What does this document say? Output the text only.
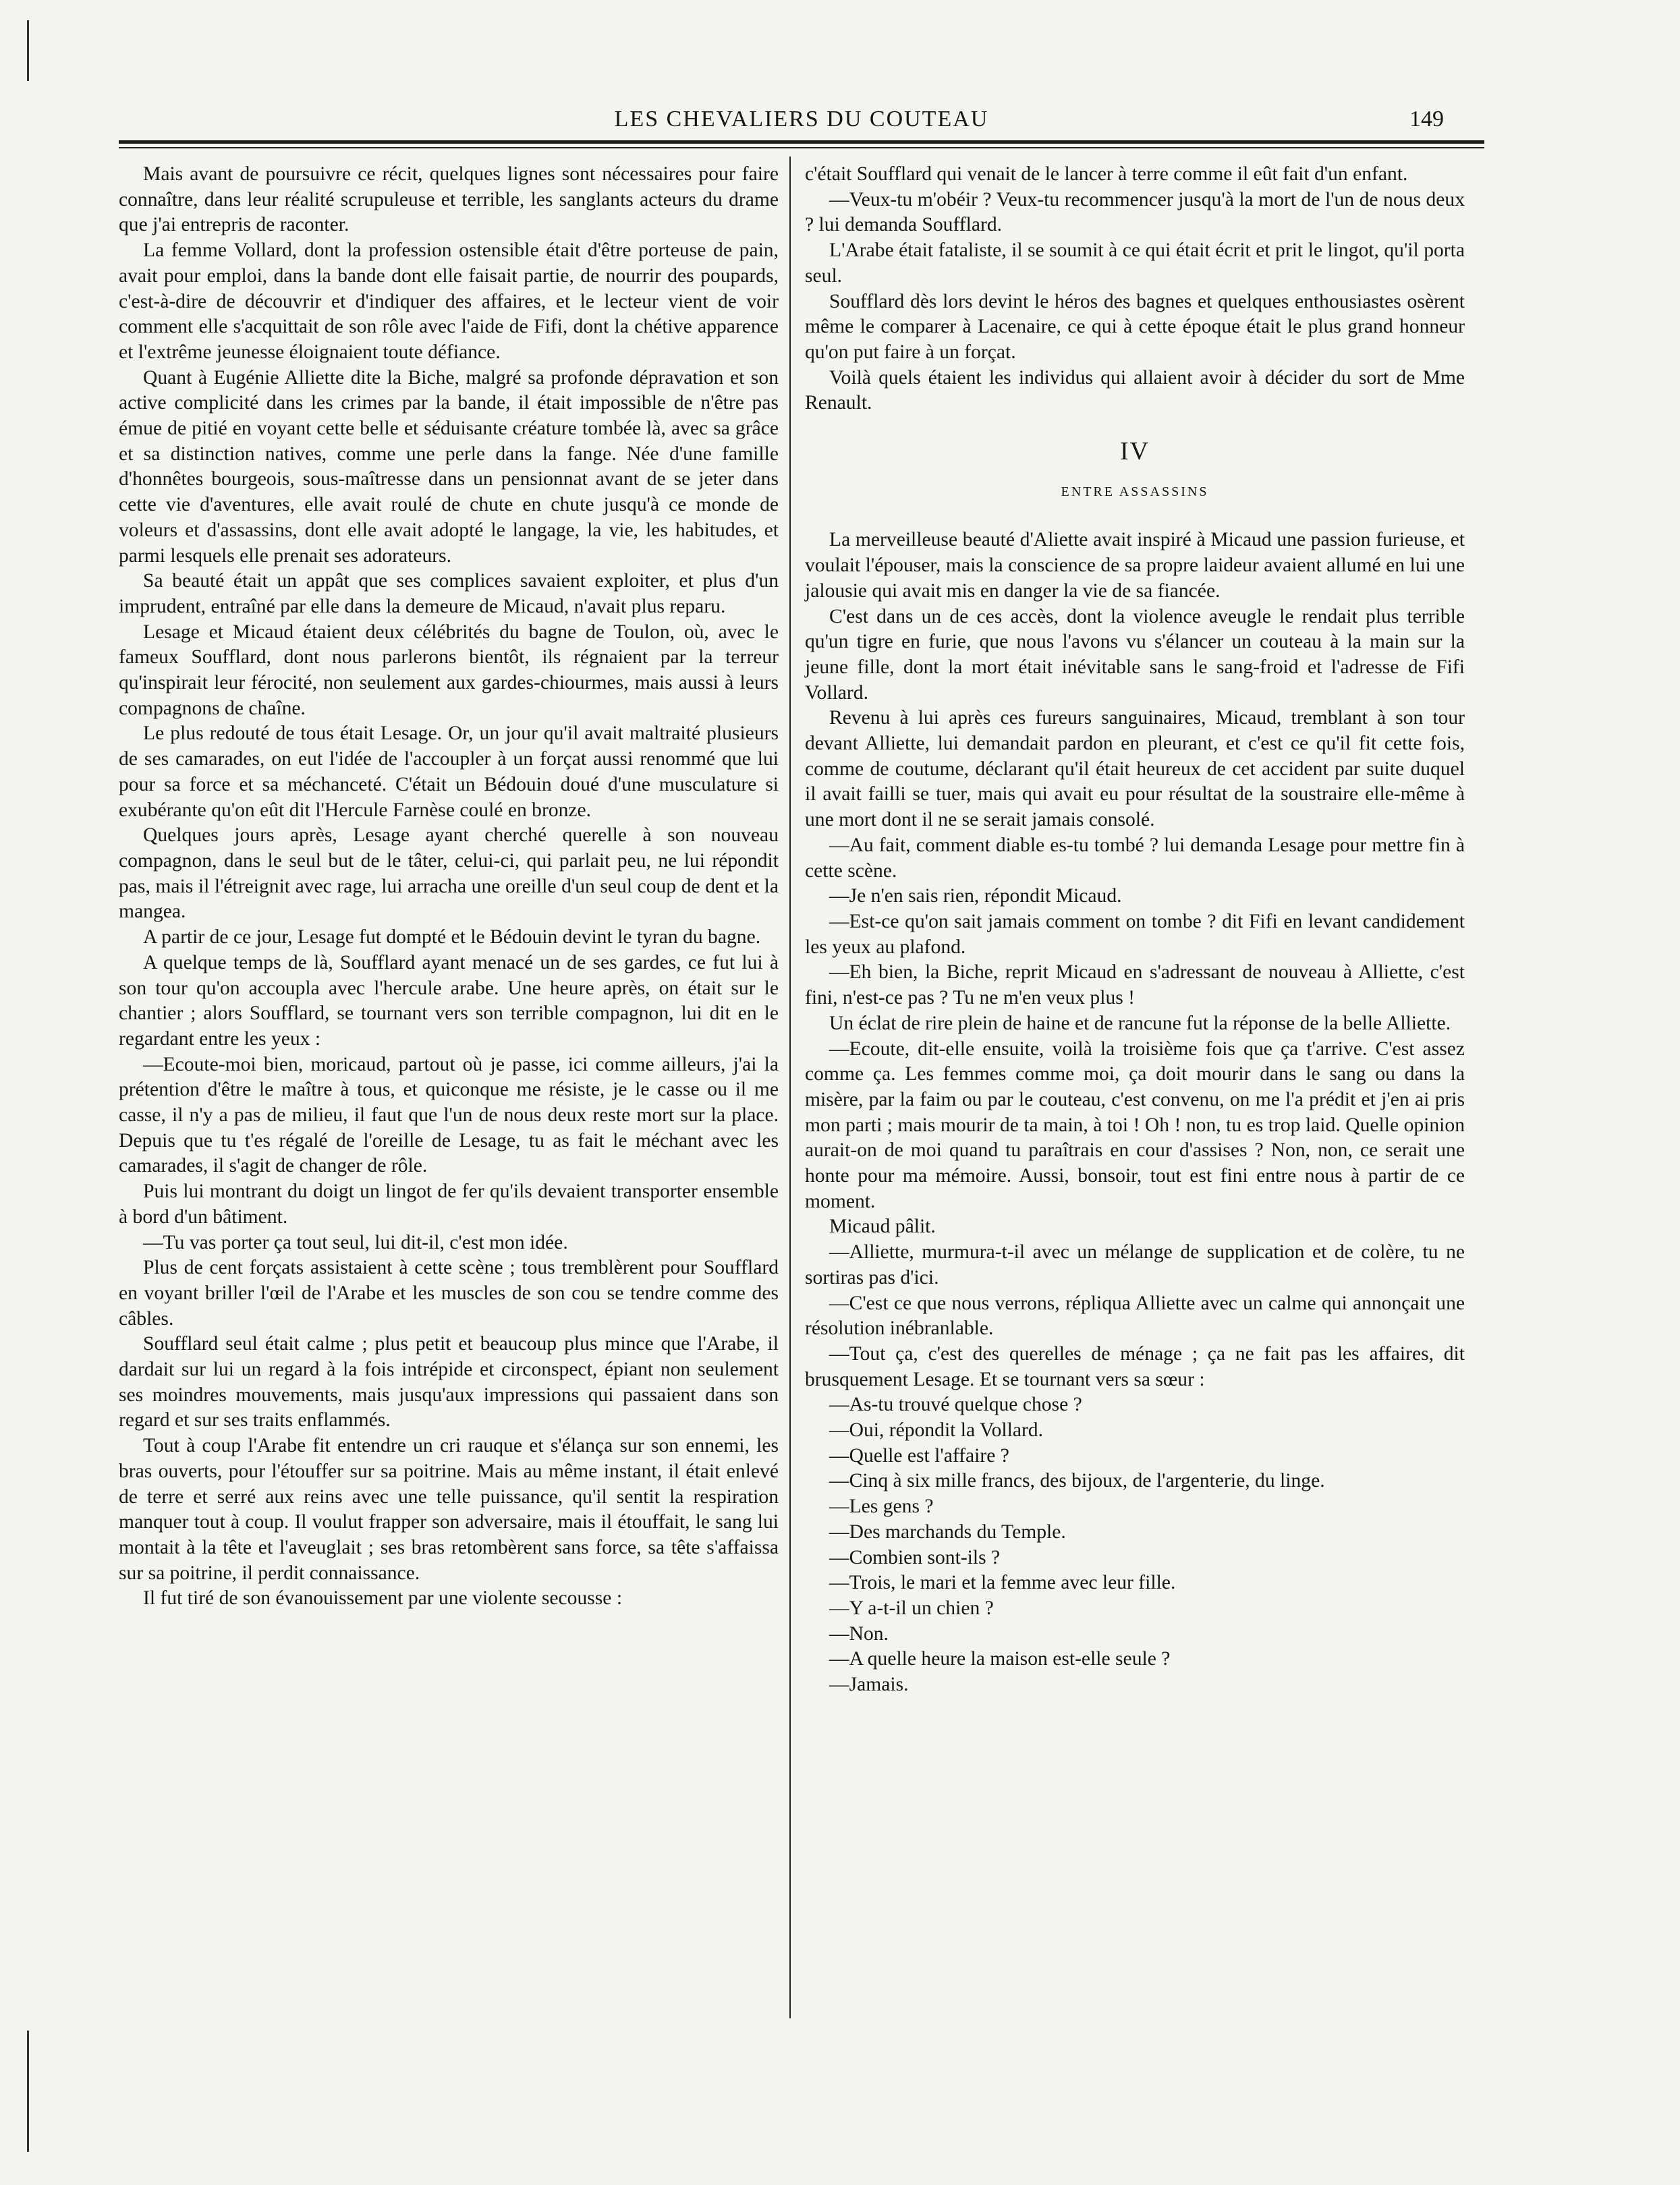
LES CHEVALIERS DU COUTEAU	149

Mais avant de poursuivre ce récit, quelques lignes sont nécessaires pour faire connaître, dans leur réalité scrupuleuse et terrible, les sanglants acteurs du drame que j'ai entrepris de raconter.

La femme Vollard, dont la profession ostensible était d'être porteuse de pain, avait pour emploi, dans la bande dont elle faisait partie, de nourrir des poupards, c'est-à-dire de découvrir et d'indiquer des affaires, et le lecteur vient de voir comment elle s'acquittait de son rôle avec l'aide de Fifi, dont la chétive apparence et l'extrême jeunesse éloignaient toute défiance.

Quant à Eugénie Alliette dite la Biche, malgré sa profonde dépravation et son active complicité dans les crimes par la bande, il était impossible de n'être pas émue de pitié en voyant cette belle et séduisante créature tombée là, avec sa grâce et sa distinction natives, comme une perle dans la fange. Née d'une famille d'honnêtes bourgeois, sous-maîtresse dans un pensionnat avant de se jeter dans cette vie d'aventures, elle avait roulé de chute en chute jusqu'à ce monde de voleurs et d'assassins, dont elle avait adopté le langage, la vie, les habitudes, et parmi lesquels elle prenait ses adorateurs.

Sa beauté était un appât que ses complices savaient exploiter, et plus d'un imprudent, entraîné par elle dans la demeure de Micaud, n'avait plus reparu.

Lesage et Micaud étaient deux célébrités du bagne de Toulon, où, avec le fameux Soufflard, dont nous parlerons bientôt, ils régnaient par la terreur qu'inspirait leur férocité, non seulement aux gardes-chiourmes, mais aussi à leurs compagnons de chaîne.

Le plus redouté de tous était Lesage. Or, un jour qu'il avait maltraité plusieurs de ses camarades, on eut l'idée de l'accoupler à un forçat aussi renommé que lui pour sa force et sa méchanceté. C'était un Bédouin doué d'une musculature si exubérante qu'on eût dit l'Hercule Farnèse coulé en bronze.

Quelques jours après, Lesage ayant cherché querelle à son nouveau compagnon, dans le seul but de le tâter, celui-ci, qui parlait peu, ne lui répondit pas, mais il l'étreignit avec rage, lui arracha une oreille d'un seul coup de dent et la mangea.

A partir de ce jour, Lesage fut dompté et le Bédouin devint le tyran du bagne.

A quelque temps de là, Soufflard ayant menacé un de ses gardes, ce fut lui à son tour qu'on accoupla avec l'hercule arabe. Une heure après, on était sur le chantier ; alors Soufflard, se tournant vers son terrible compagnon, lui dit en le regardant entre les yeux :

—Ecoute-moi bien, moricaud, partout où je passe, ici comme ailleurs, j'ai la prétention d'être le maître à tous, et quiconque me résiste, je le casse ou il me casse, il n'y a pas de milieu, il faut que l'un de nous deux reste mort sur la place. Depuis que tu t'es régalé de l'oreille de Lesage, tu as fait le méchant avec les camarades, il s'agit de changer de rôle.

Puis lui montrant du doigt un lingot de fer qu'ils devaient transporter ensemble à bord d'un bâtiment.

—Tu vas porter ça tout seul, lui dit-il, c'est mon idée.

Plus de cent forçats assistaient à cette scène ; tous tremblèrent pour Soufflard en voyant briller l'œil de l'Arabe et les muscles de son cou se tendre comme des câbles.

Soufflard seul était calme ; plus petit et beaucoup plus mince que l'Arabe, il dardait sur lui un regard à la fois intrépide et circonspect, épiant non seulement ses moindres mouvements, mais jusqu'aux impressions qui passaient dans son regard et sur ses traits enflammés.

Tout à coup l'Arabe fit entendre un cri rauque et s'élança sur son ennemi, les bras ouverts, pour l'étouffer sur sa poitrine. Mais au même instant, il était enlevé de terre et serré aux reins avec une telle puissance, qu'il sentit la respiration manquer tout à coup. Il voulut frapper son adversaire, mais il étouffait, le sang lui montait à la tête et l'aveuglait ; ses bras retombèrent sans force, sa tête s'affaissa sur sa poitrine, il perdit connaissance.

Il fut tiré de son évanouissement par une violente secousse :

c'était Soufflard qui venait de le lancer à terre comme il eût fait d'un enfant.

—Veux-tu m'obéir ? Veux-tu recommencer jusqu'à la mort de l'un de nous deux ? lui demanda Soufflard.

L'Arabe était fataliste, il se soumit à ce qui était écrit et prit le lingot, qu'il porta seul.

Soufflard dès lors devint le héros des bagnes et quelques enthousiastes osèrent même le comparer à Lacenaire, ce qui à cette époque était le plus grand honneur qu'on put faire à un forçat.

Voilà quels étaient les individus qui allaient avoir à décider du sort de Mme Renault.

IV
ENTRE ASSASSINS

La merveilleuse beauté d'Aliette avait inspiré à Micaud une passion furieuse, et voulait l'épouser, mais la conscience de sa propre laideur avaient allumé en lui une jalousie qui avait mis en danger la vie de sa fiancée.

C'est dans un de ces accès, dont la violence aveugle le rendait plus terrible qu'un tigre en furie, que nous l'avons vu s'élancer un couteau à la main sur la jeune fille, dont la mort était inévitable sans le sang-froid et l'adresse de Fifi Vollard.

Revenu à lui après ces fureurs sanguinaires, Micaud, tremblant à son tour devant Alliette, lui demandait pardon en pleurant, et c'est ce qu'il fit cette fois, comme de coutume, déclarant qu'il était heureux de cet accident par suite duquel il avait failli se tuer, mais qui avait eu pour résultat de la soustraire elle-même à une mort dont il ne se serait jamais consolé.

—Au fait, comment diable es-tu tombé ? lui demanda Lesage pour mettre fin à cette scène.

—Je n'en sais rien, répondit Micaud.

—Est-ce qu'on sait jamais comment on tombe ? dit Fifi en levant candidement les yeux au plafond.

—Eh bien, la Biche, reprit Micaud en s'adressant de nouveau à Alliette, c'est fini, n'est-ce pas ? Tu ne m'en veux plus !

Un éclat de rire plein de haine et de rancune fut la réponse de la belle Alliette.

—Ecoute, dit-elle ensuite, voilà la troisième fois que ça t'arrive. C'est assez comme ça. Les femmes comme moi, ça doit mourir dans le sang ou dans la misère, par la faim ou par le couteau, c'est convenu, on me l'a prédit et j'en ai pris mon parti ; mais mourir de ta main, à toi ! Oh ! non, tu es trop laid. Quelle opinion aurait-on de moi quand tu paraîtrais en cour d'assises ? Non, non, ce serait une honte pour ma mémoire. Aussi, bonsoir, tout est fini entre nous à partir de ce moment.

Micaud pâlit.

—Alliette, murmura-t-il avec un mélange de supplication et de colère, tu ne sortiras pas d'ici.

—C'est ce que nous verrons, répliqua Alliette avec un calme qui annonçait une résolution inébranlable.

—Tout ça, c'est des querelles de ménage ; ça ne fait pas les affaires, dit brusquement Lesage. Et se tournant vers sa sœur :

—As-tu trouvé quelque chose ?

—Oui, répondit la Vollard.

—Quelle est l'affaire ?

—Cinq à six mille francs, des bijoux, de l'argenterie, du linge.

—Les gens ?

—Des marchands du Temple.

—Combien sont-ils ?

—Trois, le mari et la femme avec leur fille.

—Y a-t-il un chien ?

—Non.

—A quelle heure la maison est-elle seule ?

—Jamais.
